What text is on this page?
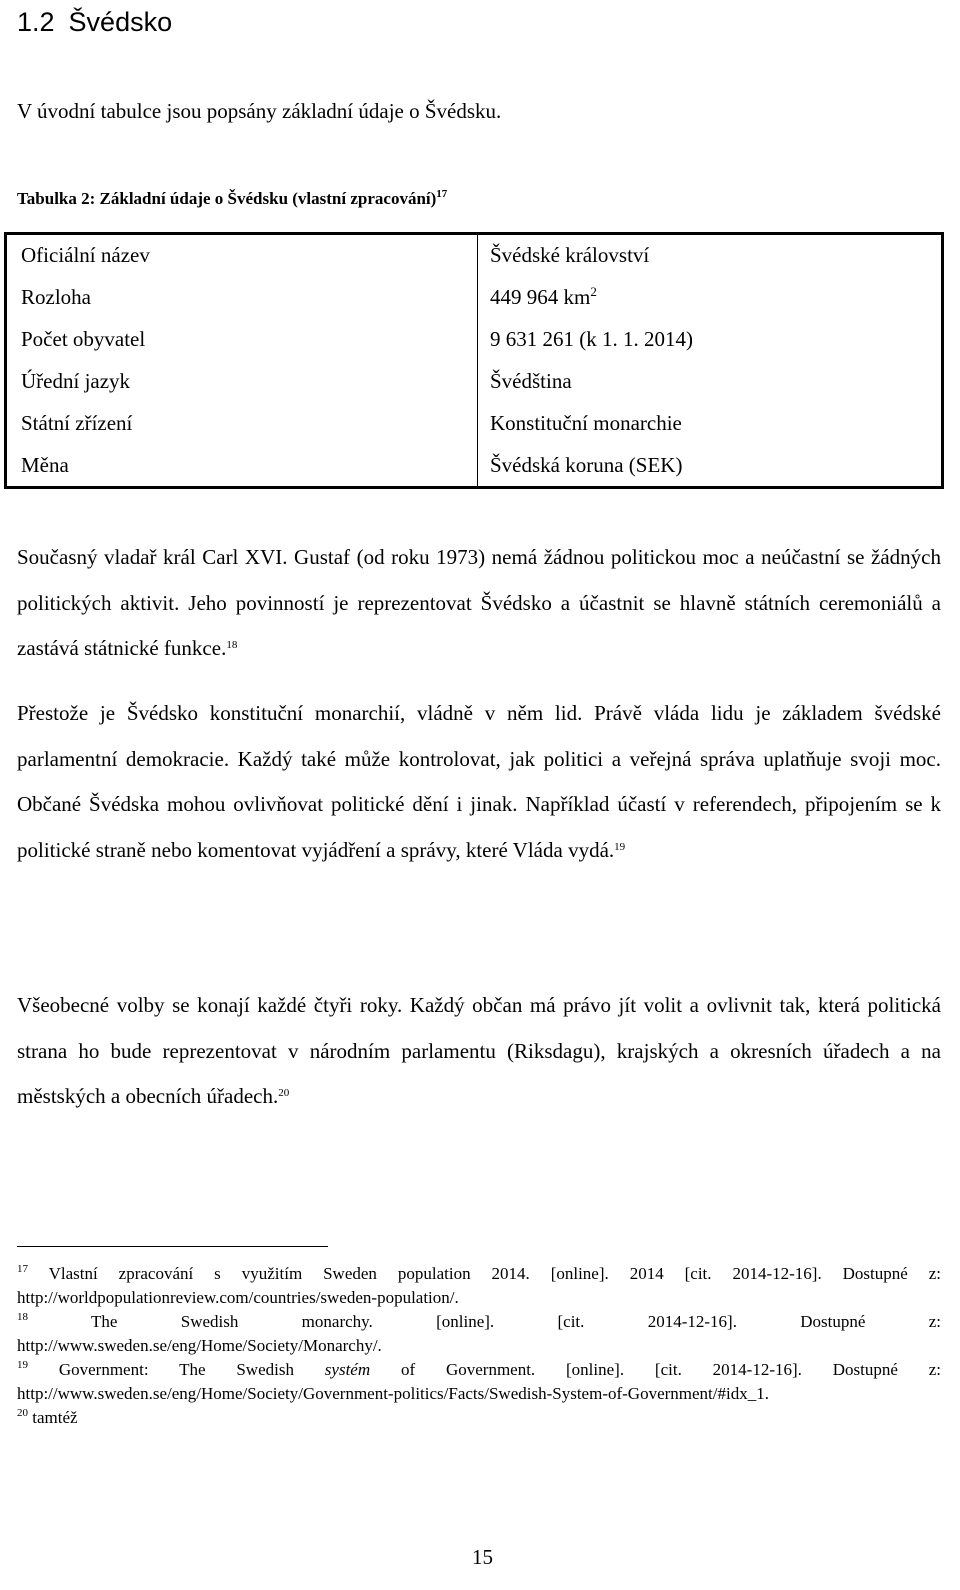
1.2 Švédsko
V úvodní tabulce jsou popsány základní údaje o Švédsku.
Tabulka 2: Základní údaje o Švédsku (vlastní zpracování)$^{17}$
Oficiální název	Švédské království
Rozloha	449 964 $km^2$
Počet obyvatel	9 631 261 (k 1. 1. 2014)
Úřední jazyk	Švédština
Státní zřízení	Konstituční monarchie
Měna	Švédská koruna (SEK)
Současný vladař král Carl XVI. Gustaf (od roku 1973) nemá žádnou politickou moc a neúčastní se žádných politických aktivit. Jeho povinností je reprezentovat Švédsko a účastnit se hlavně státních ceremoniálů a zastává státnické funkce.$^{18}$
Přestože je Švédsko konstituční monarchií, vládně v něm lid. Právě vláda lidu je základem švédské parlamentní demokracie. Každý také může kontrolovat, jak politici a veřejná správa uplatňuje svoji moc. Občané Švédska mohou ovlivňovat politické dění i jinak. Například účastí v referendech, připojením se k politické straně nebo komentovat vyjádření a správy, které Vláda vydá.$^{19}$
Všeobecné volby se konají každé čtyři roky. Každý občan má právo jít volit a ovlivnit tak, která politická strana ho bude reprezentovat v národním parlamentu (Riksdagu), krajských a okresních úřadech a na městských a obecních úřadech.$^{20}$
$^{17}$ Vlastní zpracování s využitím Sweden population 2014. [online]. 2014 [cit. 2014-12-16]. Dostupné z:
http://worldpopulationreview.com/countries/sweden-population/.
$^{18}$	The Swedish monarchy. [online]. [cit. 2014-12-16]. Dostupné z:
http://www.sweden.se/eng/Home/Society/Monarchy/.
$^{19}$ Government: The Swedish systém of Government. [online]. [cit. 2014-12-16]. Dostupné z:
http://www.sweden.se/eng/Home/Society/Government-politics/Facts/Swedish-System-of-Government/#idx_1.
$^{20}$ tamtéž
15
